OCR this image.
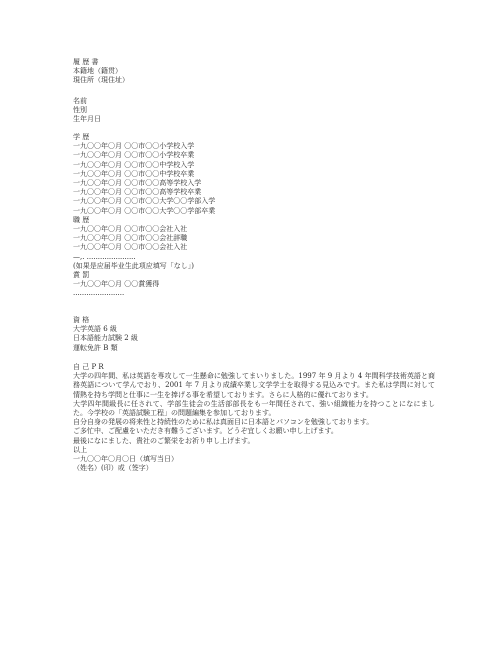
履 歴 書
本籍地（籍贯）
現住所（現住址）
名前
性別
生年月日
学 歴
一九〇〇年〇月 〇〇市〇〇小学校入学
一九〇〇年〇月 〇〇市〇〇小学校卒業
一九〇〇年〇月 〇〇市〇〇中学校入学
一九〇〇年〇月 〇〇市〇〇中学校卒業
一九〇〇年〇月 〇〇市〇〇高等学校入学
一九〇〇年〇月 〇〇市〇〇高等学校卒業
一九〇〇年〇月 〇〇市〇〇大学〇〇学部入学
一九〇〇年〇月 〇〇市〇〇大学〇〇学部卒業
職 歴
一九〇〇年〇月 〇〇市〇〇会社入社
一九〇〇年〇月 〇〇市〇〇会社辞職
一九〇〇年〇月 〇〇市〇〇会社入社
—,. ......................
(如果是应届毕业生此项应填写「なし」)
賞 罰
一九〇〇年〇月 〇〇賞獲得
.......................
資 格
大学英語 6 級
日本語能力試験 2 級
運転免許 B 類
自 己 P R
大学の四年間、私は英語を専攻して一生懸命に勉強してまいりました。1997 年 9 月より 4 年間科学技術英語と商務英語について学んでおり、2001 年 7 月より成績卒業し文学学士を取得する見込みです。また私は学問に対して情熱を持ち学問と仕事に一生を捧げる事を希望しております。さらに人格的に優れております。
大学四年間級長に任されて、学部生徒会の生活部部長をも一年間任されて、強い組織能力を持つことになにました。今学校の「英語試験工程」の問題編集を参加しております。
自分自身の発展の将来性と持続性のために私は真面目に日本語とパソコンを勉強しております。
ご多忙中、ご配慮をいただき有難うございます。どうぞ宜しくお願い申し上げます。
最後になにました、貴社のご繁栄をお祈り申し上げます。
以上
一九〇〇年〇月〇日（填写当日）
（姓名）(印）或（签字）
